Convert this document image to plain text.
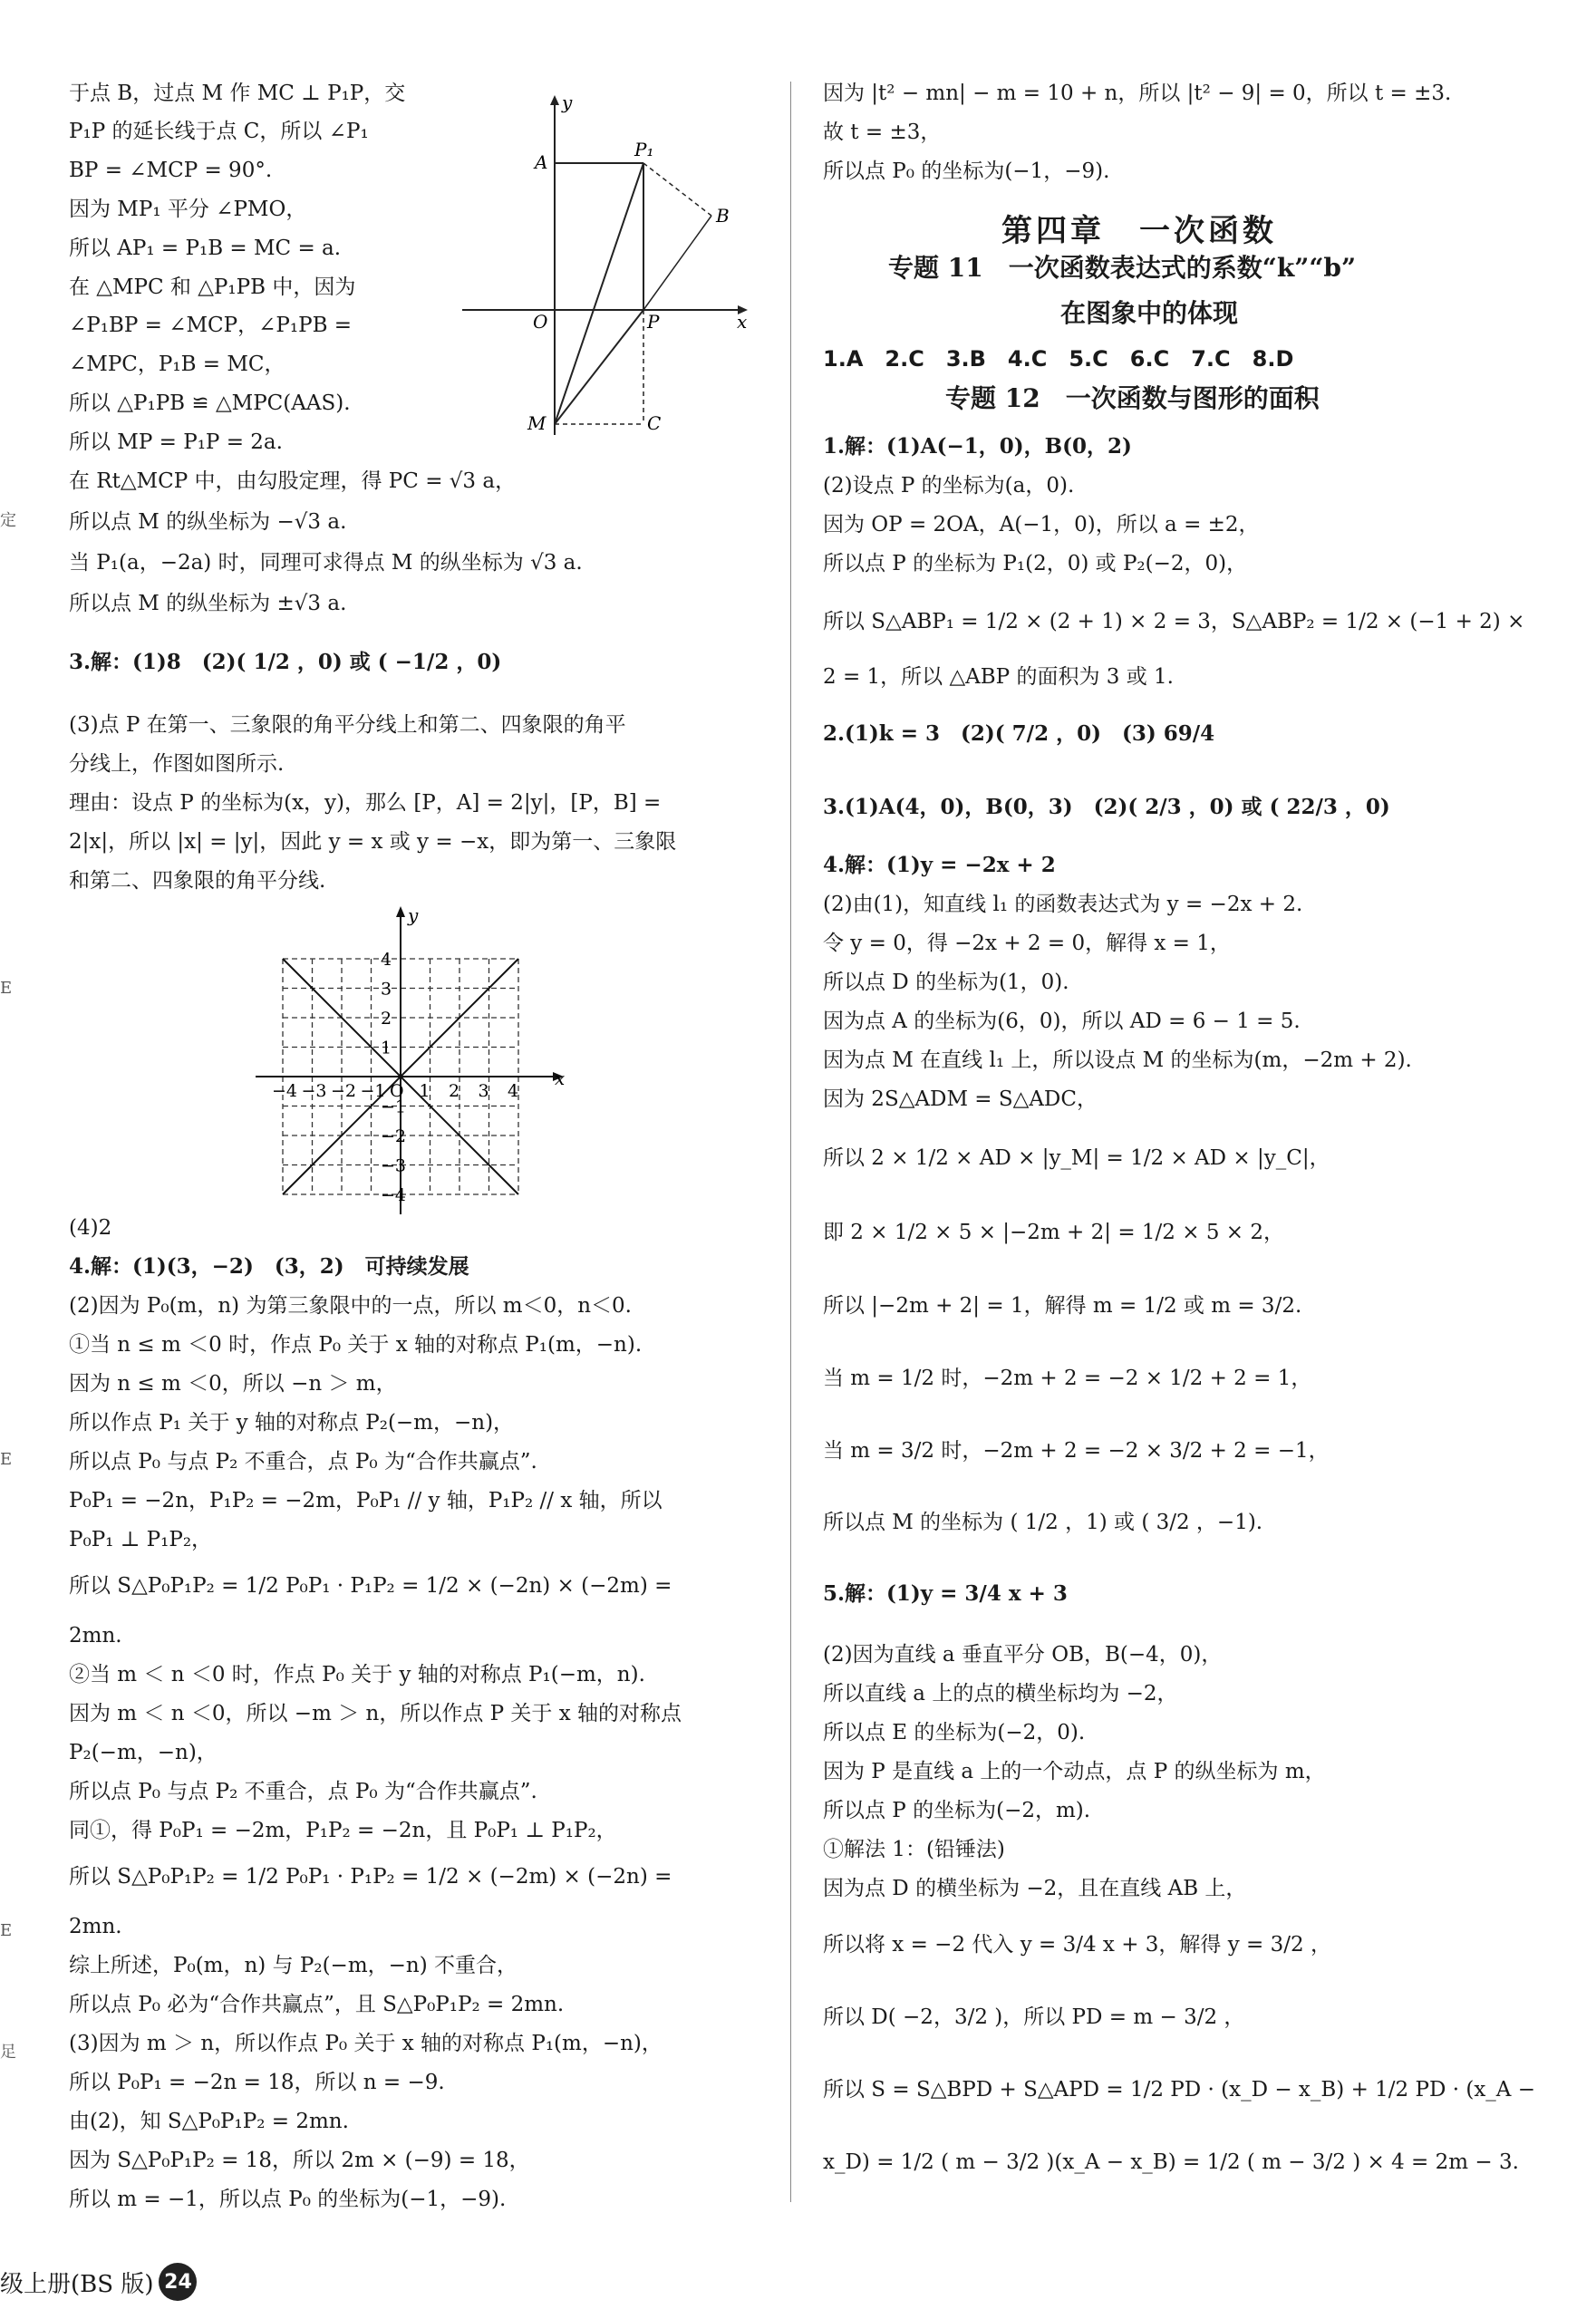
于点 B，过点 M 作 MC ⊥ P₁P，交
P₁P 的延长线于点 C，所以 ∠P₁
BP = ∠MCP = 90°.
因为 MP₁ 平分 ∠PMO，
所以 AP₁ = P₁B = MC = a.
在 △MPC 和 △P₁PB 中，因为
∠P₁BP = ∠MCP，∠P₁PB =
∠MPC，P₁B = MC，
所以 △P₁PB ≌ △MPC(AAS).
所以 MP = P₁P = 2a.
在 Rt△MCP 中，由勾股定理，得 PC = √3 a，
所以点 M 的纵坐标为 −√3 a.
当 P₁(a，−2a) 时，同理可求得点 M 的纵坐标为 √3 a.
所以点 M 的纵坐标为 ±√3 a.
3.解：(1)8　(2)( 1/2 ，0) 或 ( −1/2 ，0)
(3)点 P 在第一、三象限的角平分线上和第二、四象限的角平
分线上，作图如图所示.
理由：设点 P 的坐标为(x，y)，那么 [P，A] = 2|y|，[P，B] =
2|x|，所以 |x| = |y|，因此 y = x 或 y = −x，即为第一、三象限
和第二、四象限的角平分线.
(4)2
4.解：(1)(3，−2)　(3，2)　可持续发展
(2)因为 P₀(m，n) 为第三象限中的一点，所以 m＜0，n＜0.
①当 n ≤ m ＜0 时，作点 P₀ 关于 x 轴的对称点 P₁(m，−n).
因为 n ≤ m ＜0，所以 −n ＞ m，
所以作点 P₁ 关于 y 轴的对称点 P₂(−m，−n)，
所以点 P₀ 与点 P₂ 不重合，点 P₀ 为“合作共赢点”.
P₀P₁ = −2n，P₁P₂ = −2m，P₀P₁ // y 轴，P₁P₂ // x 轴，所以
P₀P₁ ⊥ P₁P₂，
所以 S△P₀P₁P₂ = 1/2 P₀P₁ · P₁P₂ = 1/2 × (−2n) × (−2m) =
2mn.
②当 m ＜ n ＜0 时，作点 P₀ 关于 y 轴的对称点 P₁(−m，n).
因为 m ＜ n ＜0，所以 −m ＞ n，所以作点 P 关于 x 轴的对称点
P₂(−m，−n)，
所以点 P₀ 与点 P₂ 不重合，点 P₀ 为“合作共赢点”.
同①，得 P₀P₁ = −2m，P₁P₂ = −2n，且 P₀P₁ ⊥ P₁P₂，
所以 S△P₀P₁P₂ = 1/2 P₀P₁ · P₁P₂ = 1/2 × (−2m) × (−2n) =
2mn.
综上所述，P₀(m，n) 与 P₂(−m，−n) 不重合，
所以点 P₀ 必为“合作共赢点”，且 S△P₀P₁P₂ = 2mn.
(3)因为 m ＞ n，所以作点 P₀ 关于 x 轴的对称点 P₁(m，−n)，
所以 P₀P₁ = −2n = 18，所以 n = −9.
由(2)，知 S△P₀P₁P₂ = 2mn.
因为 S△P₀P₁P₂ = 18，所以 2m × (−9) = 18，
所以 m = −1，所以点 P₀ 的坐标为(−1，−9).
因为 |t² − mn| − m = 10 + n，所以 |t² − 9| = 0，所以 t = ±3.
故 t = ±3，
所以点 P₀ 的坐标为(−1，−9).
专题 11　一次函数表达式的系数“k”“b”
在图象中的体现
1.A　2.C　3.B　4.C　5.C　6.C　7.C　8.D
专题 12　一次函数与图形的面积
1.解：(1)A(−1，0)，B(0，2)
(2)设点 P 的坐标为(a，0).
因为 OP = 2OA，A(−1，0)，所以 a = ±2，
所以点 P 的坐标为 P₁(2，0) 或 P₂(−2，0)，
所以 S△ABP₁ = 1/2 × (2 + 1) × 2 = 3，S△ABP₂ = 1/2 × (−1 + 2) ×
2 = 1，所以 △ABP 的面积为 3 或 1.
2.(1)k = 3　(2)( 7/2 ，0)　(3) 69/4
3.(1)A(4，0)，B(0，3)　(2)( 2/3 ，0) 或 ( 22/3 ，0)
4.解：(1)y = −2x + 2
(2)由(1)，知直线 l₁ 的函数表达式为 y = −2x + 2.
令 y = 0，得 −2x + 2 = 0，解得 x = 1，
所以点 D 的坐标为(1，0).
因为点 A 的坐标为(6，0)，所以 AD = 6 − 1 = 5.
因为点 M 在直线 l₁ 上，所以设点 M 的坐标为(m，−2m + 2).
因为 2S△ADM = S△ADC，
所以 2 × 1/2 × AD × |y_M| = 1/2 × AD × |y_C|，
即 2 × 1/2 × 5 × |−2m + 2| = 1/2 × 5 × 2，
所以 |−2m + 2| = 1，解得 m = 1/2 或 m = 3/2.
当 m = 1/2 时，−2m + 2 = −2 × 1/2 + 2 = 1，
当 m = 3/2 时，−2m + 2 = −2 × 3/2 + 2 = −1，
所以点 M 的坐标为 ( 1/2 ，1) 或 ( 3/2 ，−1).
5.解：(1)y = 3/4 x + 3
(2)因为直线 a 垂直平分 OB，B(−4，0)，
所以直线 a 上的点的横坐标均为 −2，
所以点 E 的坐标为(−2，0).
因为 P 是直线 a 上的一个动点，点 P 的纵坐标为 m，
所以点 P 的坐标为(−2，m).
①解法 1：(铅锤法)
因为点 D 的横坐标为 −2，且在直线 AB 上，
所以将 x = −2 代入 y = 3/4 x + 3，解得 y = 3/2 ，
所以 D( −2，3/2 )，所以 PD = m − 3/2 ，
所以 S = S△BPD + S△APD = 1/2 PD · (x_D − x_B) + 1/2 PD · (x_A −
x_D) = 1/2 ( m − 3/2 )(x_A − x_B) = 1/2 ( m − 3/2 ) × 4 = 2m − 3.
第四章　一次函数
y
A
P₁
B
O	P	x
M	C
−4 −3 −2 −1 O 1 2 3 4
4
3
2
1
−1
−2
−3
−4
x
y
级上册(BS 版) 24
定
E
E
E
足
